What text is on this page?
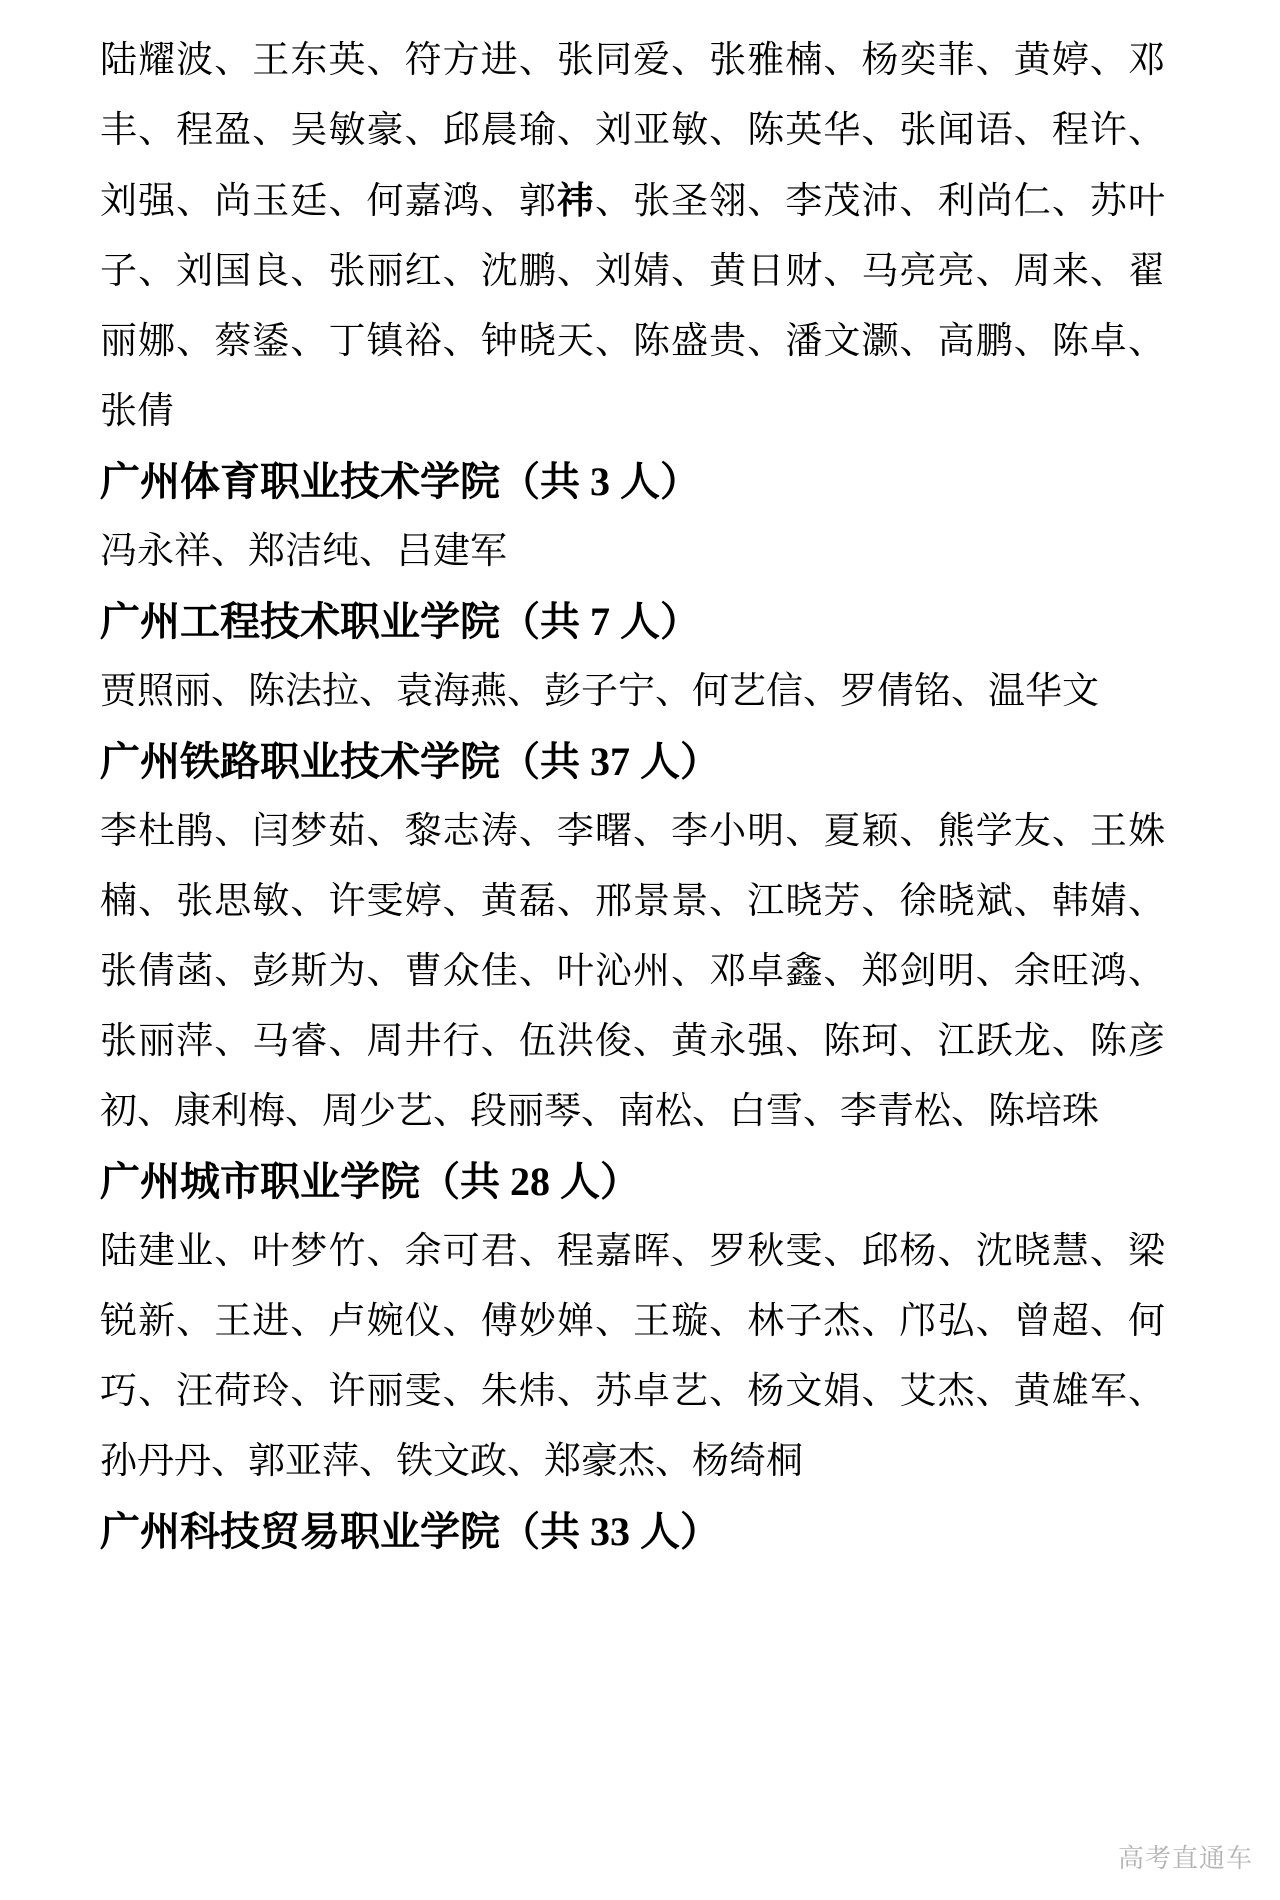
陆耀波、王东英、符方进、张同爱、张雅楠、杨奕菲、黄婷、邓丰、程盈、吴敏豪、邱晨瑜、刘亚敏、陈英华、张闻语、程许、刘强、尚玉廷、何嘉鸿、郭祎、张圣翎、李茂沛、利尚仁、苏叶子、刘国良、张丽红、沈鹏、刘婧、黄日财、马亮亮、周来、翟丽娜、蔡鋈、丁镇裕、钟晓天、陈盛贵、潘文灏、高鹏、陈卓、张倩

广州体育职业技术学院（共 3 人）

冯永祥、郑洁纯、吕建军

广州工程技术职业学院（共 7 人）

贾照丽、陈法拉、袁海燕、彭子宁、何艺信、罗倩铭、温华文

广州铁路职业技术学院（共 37 人）

李杜鹃、闫梦茹、黎志涛、李曙、李小明、夏颖、熊学友、王姝楠、张思敏、许雯婷、黄磊、邢景景、江晓芳、徐晓斌、韩婧、张倩菡、彭斯为、曹众佳、叶沁州、邓卓鑫、郑剑明、余旺鸿、张丽萍、马睿、周井行、伍洪俊、黄永强、陈珂、江跃龙、陈彦初、康利梅、周少艺、段丽琴、南松、白雪、李青松、陈培珠

广州城市职业学院（共 28 人）

陆建业、叶梦竹、余可君、程嘉晖、罗秋雯、邱杨、沈晓慧、梁锐新、王进、卢婉仪、傅妙婵、王璇、林子杰、邝弘、曾超、何巧、汪荷玲、许丽雯、朱炜、苏卓艺、杨文娟、艾杰、黄雄军、孙丹丹、郭亚萍、铁文政、郑豪杰、杨绮桐

广州科技贸易职业学院（共 33 人）

高考直通车
